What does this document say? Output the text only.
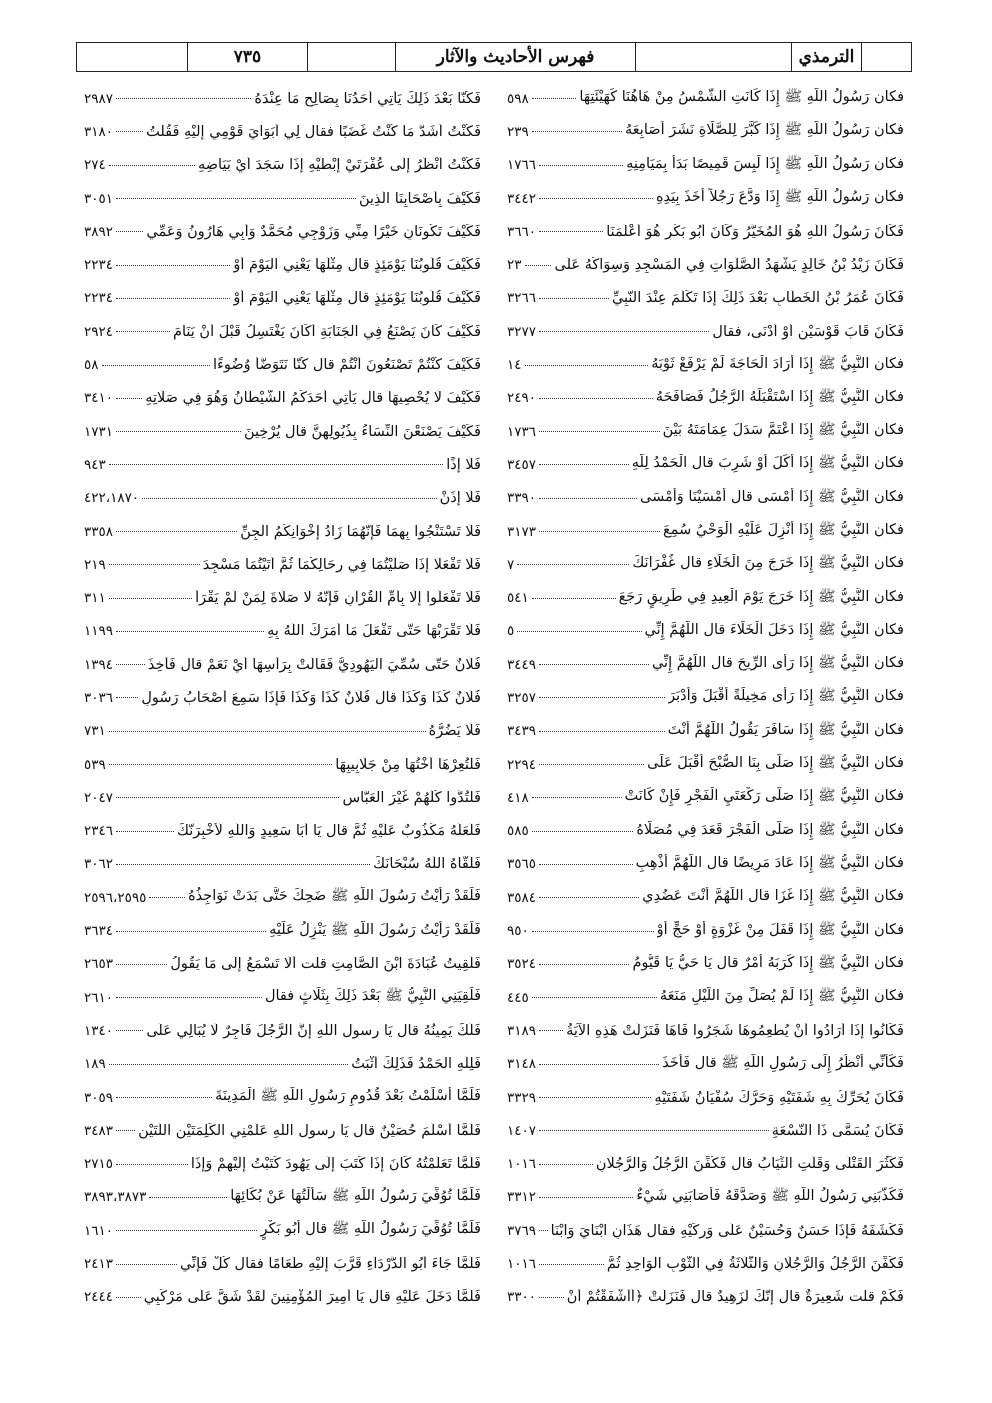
الترمذي
فهرس الأحاديث والآثار
٧٣٥
فكان رَسُولُ اللَّهِ ﷺ إِذَا كَانَتِ الشَّمْسُ مِنْ هَاهُنَا كَهَيْئَتِهَا
٥٩٨
فكان رَسُولُ اللَّهِ ﷺ إِذَا كَبَّرَ لِلصَّلَاةِ نَشَرَ أَصَابِعَهُ
٢٣٩
فكان رَسُولُ اللَّهِ ﷺ إِذَا لَبِسَ قَمِيصًا بَدَأَ بِمَيَامِنِهِ
١٧٦٦
فكان رَسُولُ اللَّهِ ﷺ إِذَا وَدَّعَ رَجُلاً أَخَذَ بِيَدِهِ
٣٤٤٢
فَكَانَ رَسُولُ اللَّهِ هُوَ الْمُخَيَّرُ وَكَانَ أَبُو بَكْرٍ هُوَ أَعْلَمَنَا
٣٦٦٠
فَكَانَ زَيْدُ بْنُ خَالِدٍ يَشْهَدُ الصَّلَوَاتِ فِي الْمَسْجِدِ وَسِوَاكُهُ عَلَى
٢٣
فَكَانَ عُمَرُ بْنُ الْخَطَّابِ بَعْدَ ذَلِكَ إِذَا تَكَلَّمَ عِنْدَ النَّبِيِّ
٣٢٦٦
فَكَانَ قَابَ قَوْسَيْنِ أَوْ أَدْنَى، فقال
٣٢٧٧
فكان النَّبِيُّ ﷺ إِذَا أَرَادَ الْحَاجَةَ لَمْ يَرْفَعْ ثَوْبَهُ
١٤
فكان النَّبِيُّ ﷺ إِذَا اسْتَقْبَلَهُ الرَّجُلُ فَصَافَحَهُ
٢٤٩٠
فكان النَّبِيُّ ﷺ إِذَا اعْتَمَّ سَدَلَ عِمَامَتَهُ بَيْنَ
١٧٣٦
فكان النَّبِيُّ ﷺ إِذَا أَكَلَ أَوْ شَرِبَ قال الْحَمْدُ لِلَّهِ
٣٤٥٧
فكان النَّبِيُّ ﷺ إِذَا أَمْسَى قال أَمْسَيْنَا وَأَمْسَى
٣٣٩٠
فكان النَّبِيُّ ﷺ إِذَا أُنْزِلَ عَلَيْهِ الْوَحْيُ سُمِعَ
٣١٧٣
فكان النَّبِيُّ ﷺ إِذَا خَرَجَ مِنَ الْخَلَاءِ قال غُفْرَانَكَ
٧
فكان النَّبِيُّ ﷺ إِذَا خَرَجَ يَوْمَ الْعِيدِ فِي طَرِيقٍ رَجَعَ
٥٤١
فكان النَّبِيُّ ﷺ إِذَا دَخَلَ الْخَلَاءَ قال اللَّهُمَّ إِنِّي
٥
فكان النَّبِيُّ ﷺ إِذَا رَأَى الرِّيحَ قال اللَّهُمَّ إِنِّي
٣٤٤٩
فكان النَّبِيُّ ﷺ إِذَا رَأَى مَخِيلَةً أَقْبَلَ وَأَدْبَرَ
٣٢٥٧
فكان النَّبِيُّ ﷺ إِذَا سَافَرَ يَقُولُ اللَّهُمَّ أَنْتَ
٣٤٣٩
فكان النَّبِيُّ ﷺ إِذَا صَلَّى بِنَا الصُّبْحَ أَقْبَلَ عَلَى
٢٢٩٤
فكان النَّبِيُّ ﷺ إِذَا صَلَّى رَكْعَتَيِ الْفَجْرِ فَإِنْ كَانَتْ
٤١٨
فكان النَّبِيُّ ﷺ إِذَا صَلَّى الْفَجْرَ قَعَدَ فِي مُصَلَّاهُ
٥٨٥
فكان النَّبِيُّ ﷺ إِذَا عَادَ مَرِيضًا قال اللَّهُمَّ أَذْهِبِ
٣٥٦٥
فكان النَّبِيُّ ﷺ إِذَا غَزَا قال اللَّهُمَّ أَنْتَ عَضُدِي
٣٥٨٤
فكان النَّبِيُّ ﷺ إِذَا قَفَلَ مِنْ غَزْوَةٍ أَوْ حَجٍّ أَوْ
٩٥٠
فكان النَّبِيُّ ﷺ إِذَا كَرَبَهُ أَمْرٌ قال يَا حَيُّ يَا قَيُّومُ
٣٥٢٤
فكان النَّبِيُّ ﷺ إِذَا لَمْ يُصَلِّ مِنَ اللَّيْلِ مَنَعَهُ
٤٤٥
فَكَانُوا إِذَا أَرَادُوا أَنْ يُطْعِمُوهَا شَجَرُوا فَاهَا فَنَزَلَتْ هَذِهِ الآيَةُ
٣١٨٩
فَكَأَنِّي أَنْظُرُ إِلَى رَسُولِ اللَّهِ ﷺ قال فَأَخَذَ
٣١٤٨
فَكَانَ يُحَرِّكُ بِهِ شَفَتَيْهِ وَحَرَّكَ سُفْيَانُ شَفَتَيْهِ
٣٣٢٩
فَكَانَ يُسَمَّى ذَا النُّسْعَةِ
١٤٠٧
فَكَثُرَ الْقَتْلَى وَقَلَّتِ الثِّيَابُ قال فَكُفِّنَ الرَّجُلُ وَالرَّجُلَانِ
١٠١٦
فَكَذَّبَنِي رَسُولُ اللَّهِ ﷺ وَصَدَّقَهُ فَأَصَابَنِي شَيْءٌ
٣٣١٢
فَكَشَفَهُ فَإِذَا حَسَنٌ وَحُسَيْنٌ عَلَى وَرِكَيْهِ فقال هَذَانِ ابْنَايَ وَابْنَا
٣٧٦٩
فَكُفِّنَ الرَّجُلُ وَالرَّجُلَانِ وَالثَّلَاثَةُ فِي الثَّوْبِ الْوَاحِدِ ثُمَّ
١٠١٦
فَكَمْ قلت شَعِيرَةٌ قال إِنَّكَ لَزَهِيدٌ قال فَنَزَلَتْ ﴿أَأَشْفَقْتُمْ أَنْ
٣٣٠٠
فَكُنَّا بَعْدَ ذَلِكَ يَأْتِي أَحَدُنَا بِصَالِحِ مَا عِنْدَهُ
٢٩٨٧
فَكُنْتُ أَشَدَّ مَا كُنْتُ غَضَبًا فقال لِي أَبَوَايَ قَوْمِي إِلَيْهِ فَقُلْتُ
٣١٨٠
فَكُنْتُ أَنْظُرُ إِلَى عُفْرَتَيْ إِبْطَيْهِ إِذَا سَجَدَ أَيْ بَيَاضِهِ
٢٧٤
فَكَيْفَ بِأَصْحَابِنَا الَّذِينَ
٣٠٥١
فَكَيْفَ تَكُونَانِ خَيْرًا مِنِّي وَزَوْجِي مُحَمَّدٌ وَأَبِي هَارُونُ وَعَمِّي
٣٨٩٢
فَكَيْفَ قُلُوبُنَا يَوْمَئِذٍ قال مِثْلُهَا يَعْنِي الْيَوْمَ أَوْ
٢٢٣٤
فَكَيْفَ قُلُوبُنَا يَوْمَئِذٍ قال مِثْلُهَا يَعْنِي الْيَوْمَ أَوْ
٢٢٣٤
فَكَيْفَ كَانَ يَصْنَعُ فِي الْجَنَابَةِ أَكَانَ يَغْتَسِلُ قَبْلَ أَنْ يَنَامَ
٢٩٢٤
فَكَيْفَ كُنْتُمْ تَصْنَعُونَ أَنْتُمْ قال كُنَّا نَتَوَضَّأُ وُضُوءًا
٥٨
فَكَيْفَ لَا يُحْصِيهَا قال يَأْتِي أَحَدَكُمُ الشَّيْطَانُ وَهُوَ فِي صَلَاتِهِ
٣٤١٠
فَكَيْفَ يَصْنَعْنَ النِّسَاءُ بِذُيُولِهِنَّ قال يُرْخِينَ
١٧٣١
فَلَا إِذًا
٩٤٣
فَلَا إِذَنْ
٤٢٢،١٨٧٠
فَلَا تَسْتَنْجُوا بِهِمَا فَإِنَّهُمَا زَادُ إِخْوَانِكُمُ الْجِنِّ
٣٣٥٨
فَلَا تَفْعَلَا إِذَا صَلَّيْتُمَا فِي رِحَالِكُمَا ثُمَّ أَتَيْتُمَا مَسْجِدَ
٢١٩
فَلَا تَفْعَلُوا إِلَّا بِأُمِّ الْقُرْآنِ فَإِنَّهُ لَا صَلَاةَ لِمَنْ لَمْ يَقْرَأْ
٣١١
فَلَا تَقْرَبْهَا حَتَّى تَفْعَلَ مَا أَمَرَكَ اللَّهُ بِهِ
١١٩٩
فُلَانٌ حَتَّى سُمِّيَ الْيَهُودِيُّ فَقَالَتْ بِرَأْسِهَا أَيْ نَعَمْ قال فَأُخِذَ
١٣٩٤
فُلَانٌ كَذَا وَكَذَا قال فُلَانٌ كَذَا وَكَذَا فَإِذَا سَمِعَ أَصْحَابُ رَسُولِ
٣٠٣٦
فَلَا يَضُرُّهُ
٧٣١
فَلْتُعِرْهَا أُخْتُهَا مِنْ جَلَابِيبِهَا
٥٣٩
فَلْتُدُّوا كُلُّهُمْ غَيْرَ الْعَبَّاسِ
٢٠٤٧
فَلَعَلَّهُ مَكْذُوبٌ عَلَيْهِ ثُمَّ قال يَا أَبَا سَعِيدٍ وَاللَّهِ لَأُخْبِرَنَّكَ
٢٣٤٦
فَلَقَّاهُ اللَّهُ سُبْحَانَكَ
٣٠٦٢
فَلَقَدْ رَأَيْتُ رَسُولَ اللَّهِ ﷺ ضَحِكَ حَتَّى بَدَتْ نَوَاجِذُهُ
٢٥٩٦،٢٥٩٥
فَلَقَدْ رَأَيْتُ رَسُولَ اللَّهِ ﷺ يَنْزِلُ عَلَيْهِ
٣٦٣٤
فَلَقِيتُ عُبَادَةَ ابْنَ الصَّامِتِ قلت أَلَا تَسْمَعُ إِلَى مَا يَقُولُ
٢٦٥٣
فَلَقِيَنِي النَّبِيُّ ﷺ بَعْدَ ذَلِكَ بِثَلَاثٍ فقال
٢٦١٠
فَلَكَ يَمِينُهُ قال يَا رسول اللَّهِ إِنَّ الرَّجُلَ فَاجِرٌ لَا يُبَالِي عَلَى
١٣٤٠
فَلِلَّهِ الْحَمْدُ فَذَلِكَ أَثْبَتُ
١٨٩
فَلَمَّا أَسْلَمْتُ بَعْدَ قُدُومِ رَسُولِ اللَّهِ ﷺ الْمَدِينَةَ
٣٠٥٩
فَلَمَّا أَسْلَمَ حُصَيْنٌ قال يَا رسول اللَّهِ عَلِّمْنِي الْكَلِمَتَيْنِ اللَّتَيْنِ
٣٤٨٣
فَلَمَّا تَعَلَّمْتُهُ كَانَ إِذَا كَتَبَ إِلَى يَهُودَ كَتَبْتُ إِلَيْهِمْ وَإِذَا
٢٧١٥
فَلَمَّا تُوُفِّيَ رَسُولُ اللَّهِ ﷺ سَأَلْتُهَا عَنْ بُكَائِهَا
٣٨٩٣،٣٨٧٣
فَلَمَّا تُوُفِّيَ رَسُولُ اللَّهِ ﷺ قال أَبُو بَكْرٍ
١٦١٠
فَلَمَّا جَاءَ أَبُو الدَّرْدَاءِ قَرَّبَ إِلَيْهِ طَعَامًا فقال كُلْ فَإِنِّي
٢٤١٣
فَلَمَّا دَخَلَ عَلَيْهِ قال يَا أَمِيرَ الْمُؤْمِنِينَ لَقَدْ شَقَّ عَلَى مَرْكَبِي
٢٤٤٤
